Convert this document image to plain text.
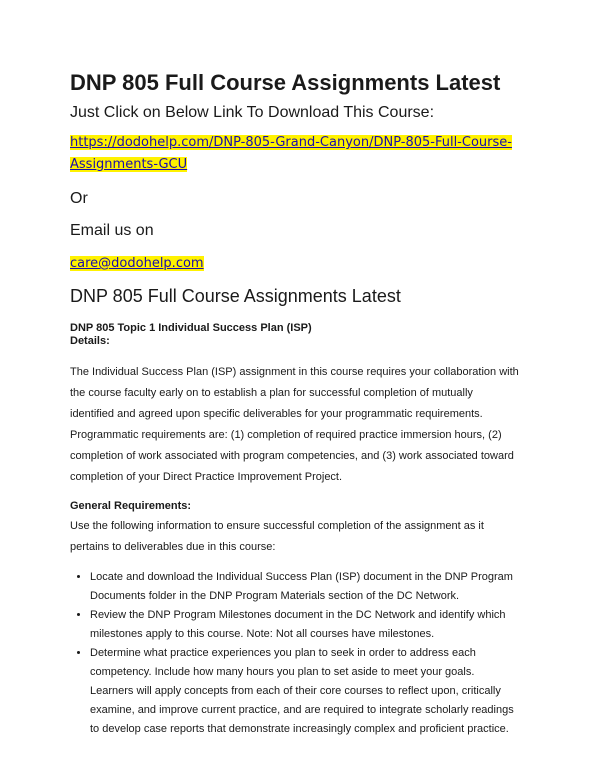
DNP 805 Full Course Assignments Latest

Just Click on Below Link To Download This Course:

https://dodohelp.com/DNP-805-Grand-Canyon/DNP-805-Full-Course-Assignments-GCU

Or

Email us on

care@dodohelp.com
DNP 805 Full Course Assignments Latest
DNP 805 Topic 1 Individual Success Plan (ISP)
Details:

The Individual Success Plan (ISP) assignment in this course requires your collaboration with the course faculty early on to establish a plan for successful completion of mutually identified and agreed upon specific deliverables for your programmatic requirements. Programmatic requirements are: (1) completion of required practice immersion hours, (2) completion of work associated with program competencies, and (3) work associated toward completion of your Direct Practice Improvement Project.

General Requirements:

Use the following information to ensure successful completion of the assignment as it pertains to deliverables due in this course:

• Locate and download the Individual Success Plan (ISP) document in the DNP Program Documents folder in the DNP Program Materials section of the DC Network.
• Review the DNP Program Milestones document in the DC Network and identify which milestones apply to this course. Note: Not all courses have milestones.
• Determine what practice experiences you plan to seek in order to address each competency. Include how many hours you plan to set aside to meet your goals. Learners will apply concepts from each of their core courses to reflect upon, critically examine, and improve current practice, and are required to integrate scholarly readings to develop case reports that demonstrate increasingly complex and proficient practice.
